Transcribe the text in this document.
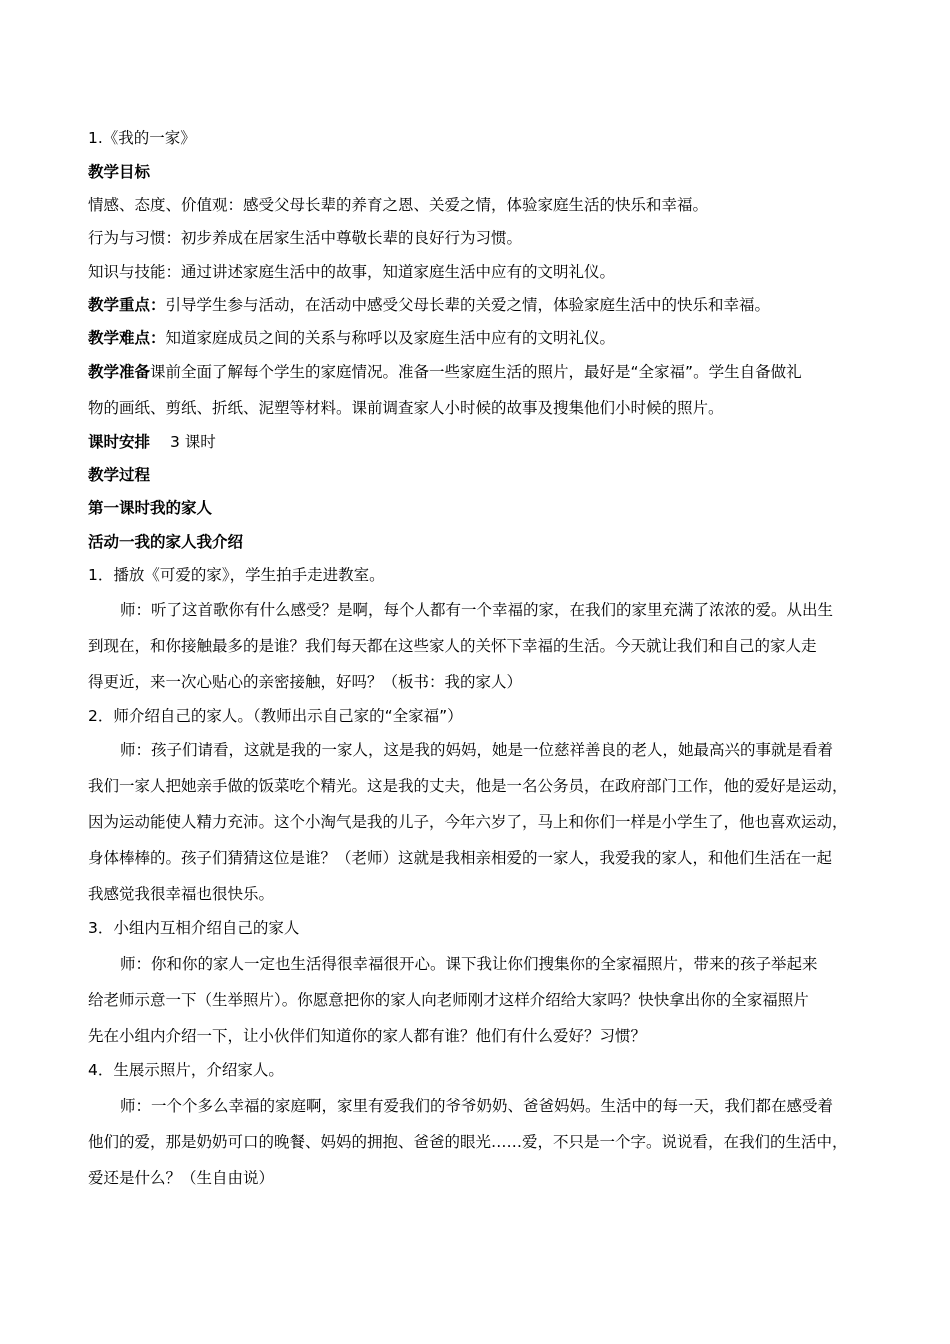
1.《我的一家》
教学目标
情感、态度、价值观：感受父母长辈的养育之恩、关爱之情，体验家庭生活的快乐和幸福。
行为与习惯：初步养成在居家生活中尊敬长辈的良好行为习惯。
知识与技能：通过讲述家庭生活中的故事，知道家庭生活中应有的文明礼仪。
教学重点：引导学生参与活动，在活动中感受父母长辈的关爱之情，体验家庭生活中的快乐和幸福。
教学难点：知道家庭成员之间的关系与称呼以及家庭生活中应有的文明礼仪。
教学准备课前全面了解每个学生的家庭情况。准备一些家庭生活的照片，最好是“全家福”。学生自备做礼
物的画纸、剪纸、折纸、泥塑等材料。课前调查家人小时候的故事及搜集他们小时候的照片。
课时安排 3 课时
教学过程
第一课时我的家人
活动一我的家人我介绍
1．播放《可爱的家》，学生拍手走进教室。
师：听了这首歌你有什么感受？是啊，每个人都有一个幸福的家，在我们的家里充满了浓浓的爱。从出生
到现在，和你接触最多的是谁？我们每天都在这些家人的关怀下幸福的生活。今天就让我们和自己的家人走
得更近，来一次心贴心的亲密接触，好吗？（板书：我的家人）
2．师介绍自己的家人。（教师出示自己家的“全家福”）
师：孩子们请看，这就是我的一家人，这是我的妈妈，她是一位慈祥善良的老人，她最高兴的事就是看着
我们一家人把她亲手做的饭菜吃个精光。这是我的丈夫，他是一名公务员，在政府部门工作，他的爱好是运动，
因为运动能使人精力充沛。这个小淘气是我的儿子，今年六岁了，马上和你们一样是小学生了，他也喜欢运动，
身体棒棒的。孩子们猜猜这位是谁？（老师）这就是我相亲相爱的一家人，我爱我的家人，和他们生活在一起
我感觉我很幸福也很快乐。
3．小组内互相介绍自己的家人
师：你和你的家人一定也生活得很幸福很开心。课下我让你们搜集你的全家福照片，带来的孩子举起来
给老师示意一下（生举照片）。你愿意把你的家人向老师刚才这样介绍给大家吗？快快拿出你的全家福照片
先在小组内介绍一下，让小伙伴们知道你的家人都有谁？他们有什么爱好？习惯？
4．生展示照片，介绍家人。
师：一个个多么幸福的家庭啊，家里有爱我们的爷爷奶奶、爸爸妈妈。生活中的每一天，我们都在感受着
他们的爱，那是奶奶可口的晚餐、妈妈的拥抱、爸爸的眼光……爱，不只是一个字。说说看，在我们的生活中，
爱还是什么？（生自由说）
